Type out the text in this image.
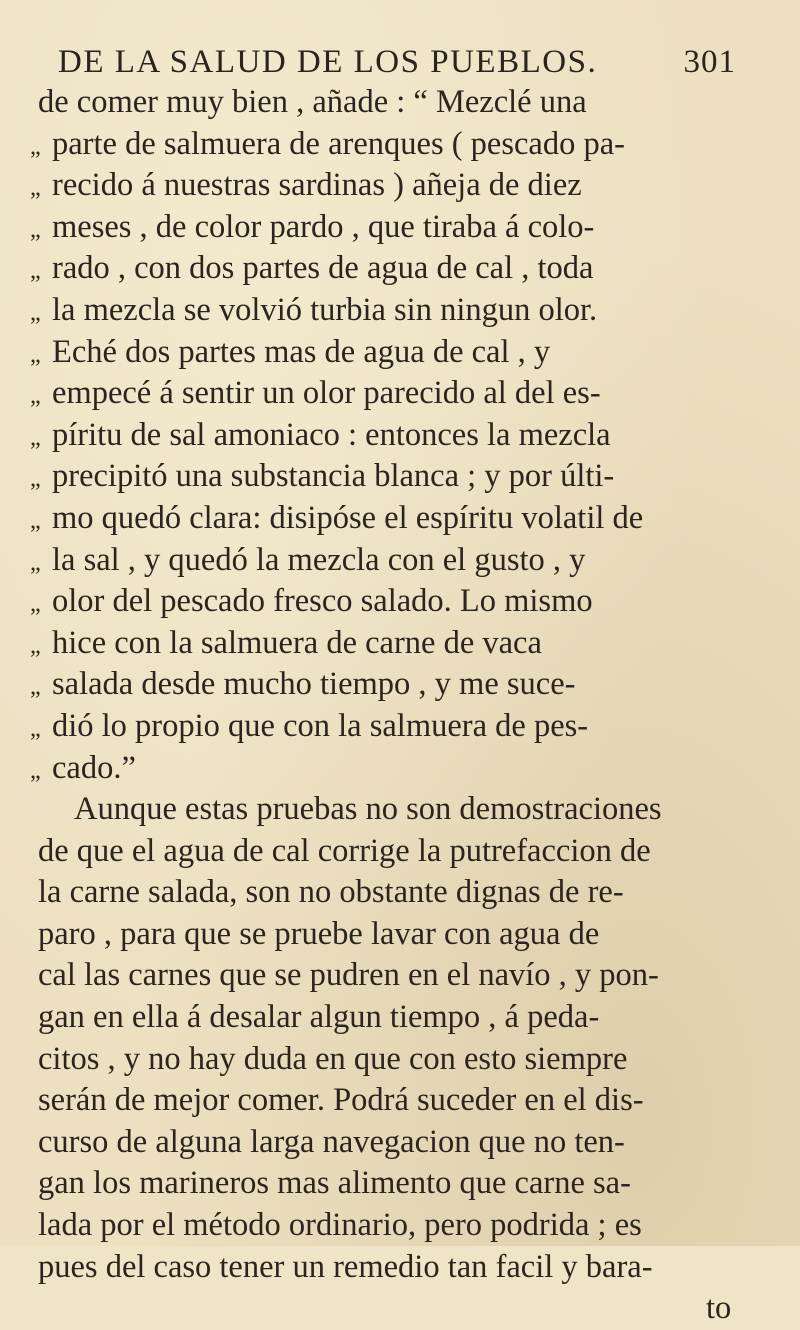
DE LA SALUD DE LOS PUEBLOS.	301
de comer muy bien , añade : “ Mezclé una
„ parte de salmuera de arenques ( pescado pa-
„ recido á nuestras sardinas ) añeja de diez
„ meses , de color pardo , que tiraba á colo-
„ rado , con dos partes de agua de cal , toda
„ la mezcla se volvió turbia sin ningun olor.
„ Eché dos partes mas de agua de cal , y
„ empecé á sentir un olor parecido al del es-
„ píritu de sal amoniaco : entonces la mezcla
„ precipitó una substancia blanca ; y por últi-
„ mo quedó clara: disipóse el espíritu volatil de
„ la sal , y quedó la mezcla con el gusto , y
„ olor del pescado fresco salado. Lo mismo
„ hice con la salmuera de carne de vaca
„ salada desde mucho tiempo , y me suce-
„ dió lo propio que con la salmuera de pes-
„ cado.”
Aunque estas pruebas no son demostraciones
de que el agua de cal corrige la putrefaccion de
la carne salada, son no obstante dignas de re-
paro , para que se pruebe lavar con agua de
cal las carnes que se pudren en el navío , y pon-
gan en ella á desalar algun tiempo , á peda-
citos , y no hay duda en que con esto siempre
serán de mejor comer. Podrá suceder en el dis-
curso de alguna larga navegacion que no ten-
gan los marineros mas alimento que carne sa-
lada por el método ordinario, pero podrida ; es
pues del caso tener un remedio tan facil y bara-
to
